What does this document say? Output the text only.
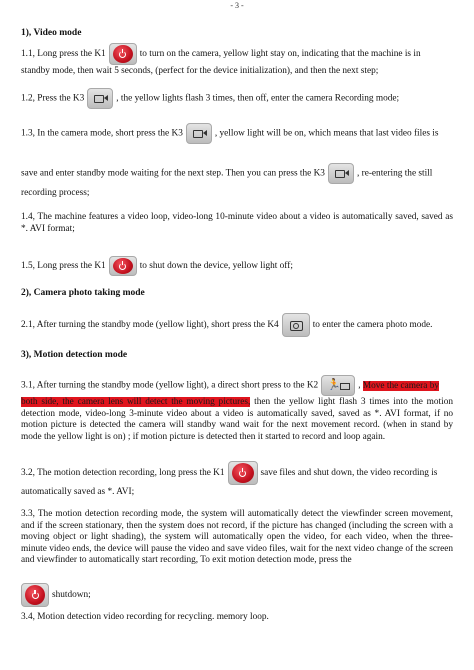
- 3 -
1), Video mode
1.1, Long press the K1	to turn on the camera, yellow light stay on, indicating that the machine is in
standby mode, then wait 5 seconds, (perfect for the device initialization), and then the next step;
1.2, Press the K3	, the yellow lights flash 3 times, then off, enter the camera Recording mode;
1.3, In the camera mode, short press the K3	, yellow light will be on, which means that last video files is
save and enter standby mode waiting for the next step. Then you can press the K3	, re-entering the still
recording process;
1.4, The machine features a video loop, video-long 10-minute video about a video is automatically saved, saved as *. AVI format;
1.5, Long press the K1	to shut down the device, yellow light off;
2), Camera photo taking mode
2.1, After turning the standby mode (yellow light), short press the K4	to enter the camera photo mode.
3), Motion detection mode
3.1, After turning the standby mode (yellow light), a direct short press to the K2 🏃 , Move the camera by
both side, the camera lens will detect the moving pictures, then the yellow light flash 3 times into the motion detection mode, video-long 3-minute video about a video is automatically saved, saved as *. AVI format, if no motion picture is detected the camera will standby wand wait for the next movement record. (when in stand by mode the yellow light is on) ; if motion picture is detected then it started to record and loop again.
3.2, The motion detection recording, long press the K1	save files and shut down, the video recording is
automatically saved as *. AVI;
3.3, The motion detection recording mode, the system will automatically detect the viewfinder screen movement, and if the screen stationary, then the system does not record, if the picture has changed (including the screen with a moving object or light shading), the system will automatically open the video, for each video, when the three-minute video ends, the device will pause the video and save video files, wait for the next video change of the screen and viewfinder to automatically start recording, To exit motion detection mode, press the
shutdown;
3.4, Motion detection video recording for recycling. memory loop.
